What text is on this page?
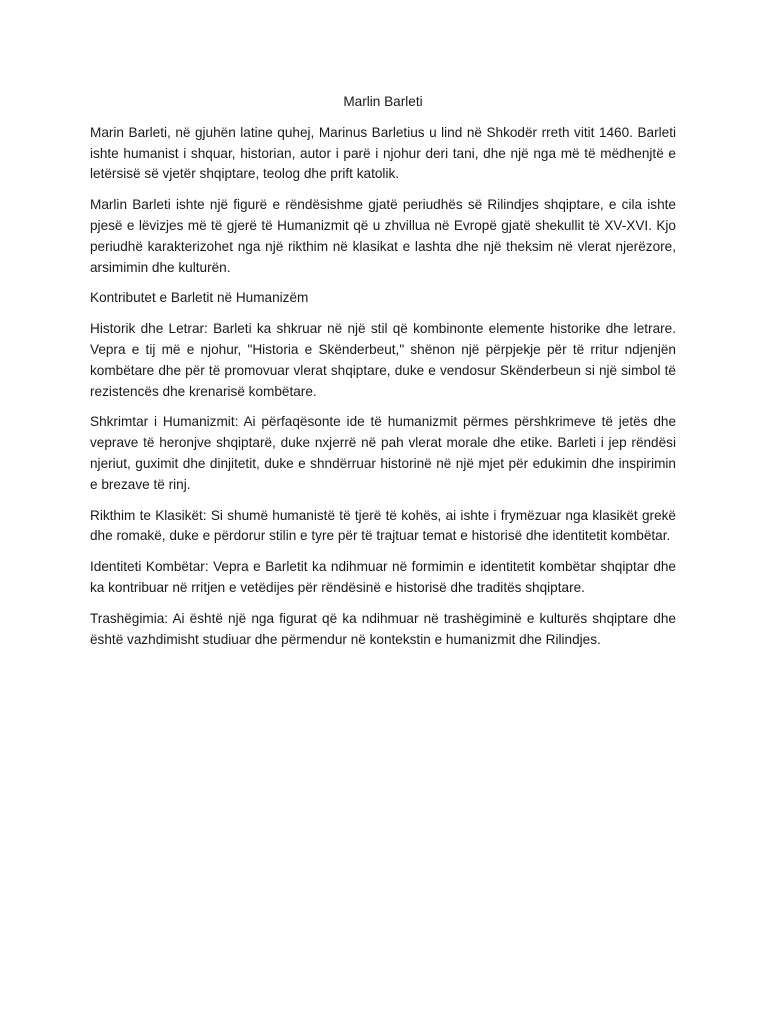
Marlin Barleti

Marin Barleti, në gjuhën latine quhej, Marinus Barletius u lind në Shkodër rreth vitit 1460. Barleti ishte humanist i shquar, historian, autor i parë i njohur deri tani, dhe një nga më të mëdhenjtë e letërsisë së vjetër shqiptare, teolog dhe prift katolik.

Marlin Barleti ishte një figurë e rëndësishme gjatë periudhës së Rilindjes shqiptare, e cila ishte pjesë e lëvizjes më të gjerë të Humanizmit që u zhvillua në Evropë gjatë shekullit të XV-XVI. Kjo periudhë karakterizohet nga një rikthim në klasikat e lashta dhe një theksim në vlerat njerëzore, arsimimin dhe kulturën.

Kontributet e Barletit në Humanizëm

Historik dhe Letrar: Barleti ka shkruar në një stil që kombinonte elemente historike dhe letrare. Vepra e tij më e njohur, "Historia e Skënderbeut," shënon një përpjekje për të rritur ndjenjën kombëtare dhe për të promovuar vlerat shqiptare, duke e vendosur Skënderbeun si një simbol të rezistencës dhe krenarisë kombëtare.

Shkrimtar i Humanizmit: Ai përfaqësonte ide të humanizmit përmes përshkrimeve të jetës dhe veprave të heronjve shqiptarë, duke nxjerrë në pah vlerat morale dhe etike. Barleti i jep rëndësi njeriut, guximit dhe dinjitetit, duke e shndërruar historinë në një mjet për edukimin dhe inspirimin e brezave të rinj.

Rikthim te Klasikët: Si shumë humanistë të tjerë të kohës, ai ishte i frymëzuar nga klasikët grekë dhe romakë, duke e përdorur stilin e tyre për të trajtuar temat e historisë dhe identitetit kombëtar.

Identiteti Kombëtar: Vepra e Barletit ka ndihmuar në formimin e identitetit kombëtar shqiptar dhe ka kontribuar në rritjen e vetëdijes për rëndësinë e historisë dhe traditës shqiptare.

Trashëgimia: Ai është një nga figurat që ka ndihmuar në trashëgiminë e kulturës shqiptare dhe është vazhdimisht studiuar dhe përmendur në kontekstin e humanizmit dhe Rilindjes.
